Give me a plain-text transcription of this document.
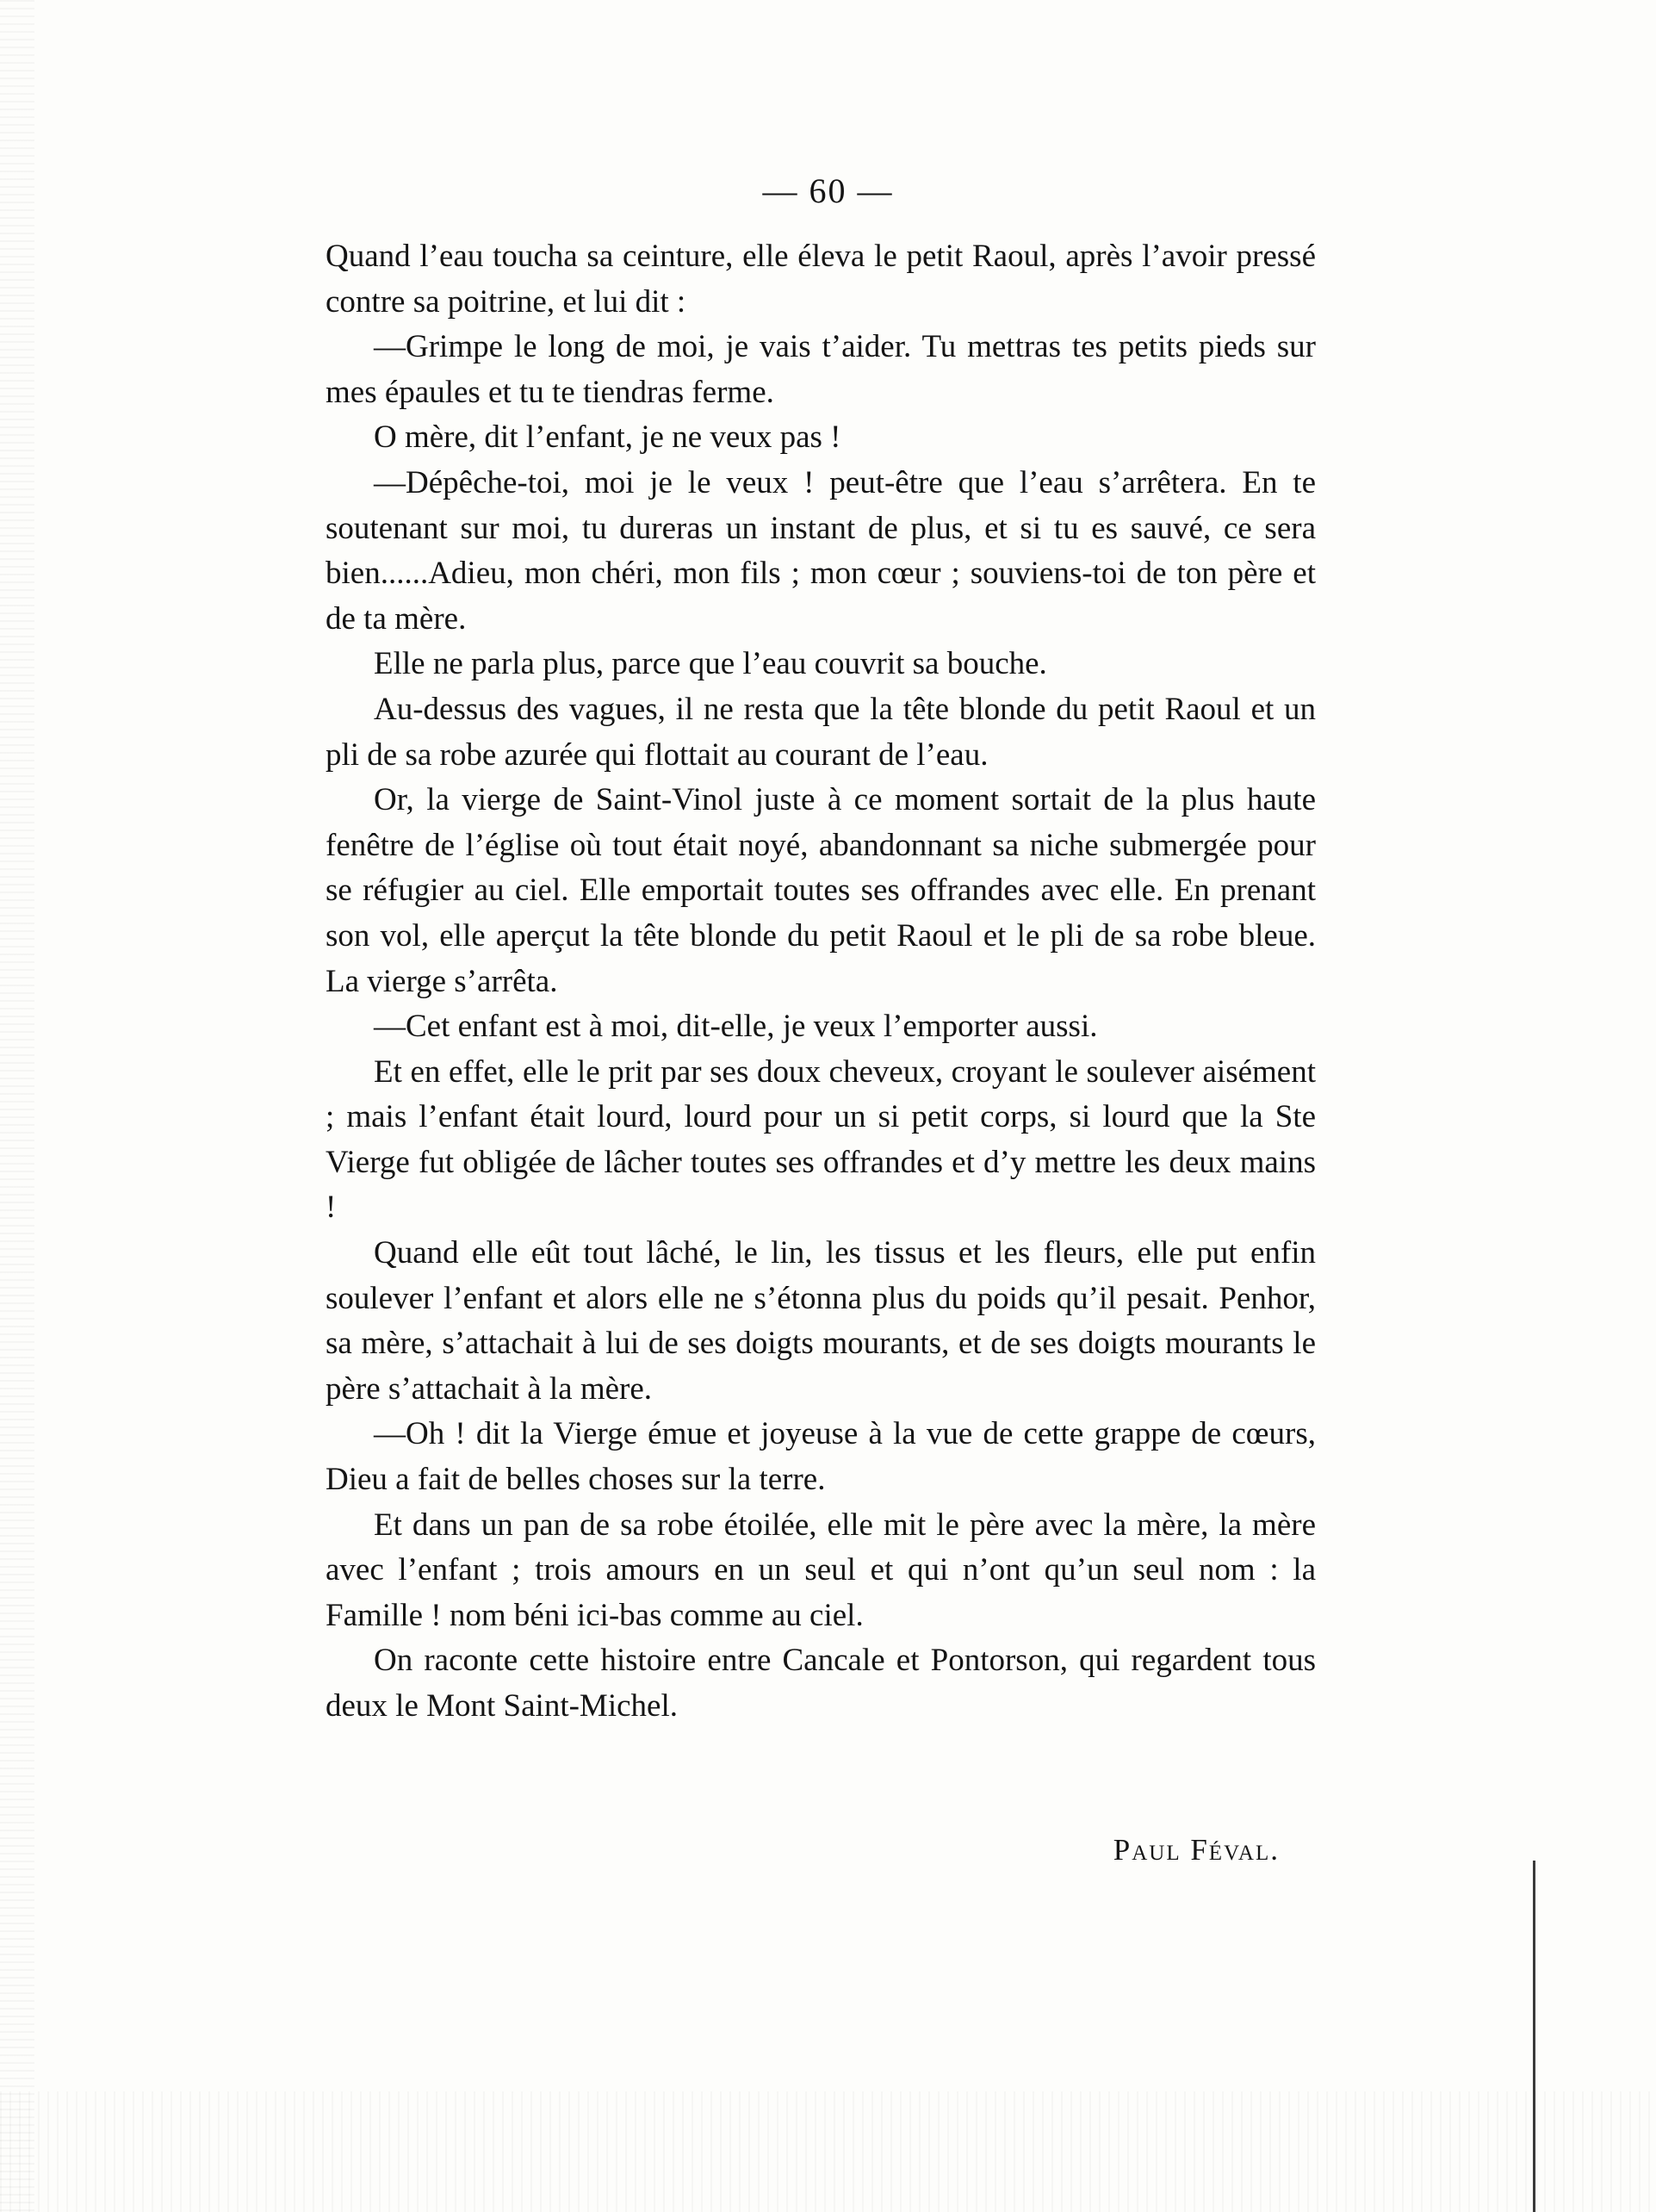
— 60 —

Quand l’eau toucha sa ceinture, elle éleva le petit Raoul, après l’avoir pressé contre sa poitrine, et lui dit :

—Grimpe le long de moi, je vais t’aider. Tu mettras tes petits pieds sur mes épaules et tu te tiendras ferme.

O mère, dit l’enfant, je ne veux pas !

—Dépêche-toi, moi je le veux ! peut-être que l’eau s’arrêtera. En te soutenant sur moi, tu dureras un instant de plus, et si tu es sauvé, ce sera bien......Adieu, mon chéri, mon fils ; mon cœur ; souviens-toi de ton père et de ta mère.

Elle ne parla plus, parce que l’eau couvrit sa bouche.

Au-dessus des vagues, il ne resta que la tête blonde du petit Raoul et un pli de sa robe azurée qui flottait au courant de l’eau.

Or, la vierge de Saint-Vinol juste à ce moment sortait de la plus haute fenêtre de l’église où tout était noyé, abandonnant sa niche submergée pour se réfugier au ciel. Elle emportait toutes ses offrandes avec elle. En prenant son vol, elle aperçut la tête blonde du petit Raoul et le pli de sa robe bleue. La vierge s’arrêta.

—Cet enfant est à moi, dit-elle, je veux l’emporter aussi.

Et en effet, elle le prit par ses doux cheveux, croyant le soulever aisément ; mais l’enfant était lourd, lourd pour un si petit corps, si lourd que la Ste Vierge fut obligée de lâcher toutes ses offrandes et d’y mettre les deux mains !

Quand elle eût tout lâché, le lin, les tissus et les fleurs, elle put enfin soulever l’enfant et alors elle ne s’étonna plus du poids qu’il pesait. Penhor, sa mère, s’attachait à lui de ses doigts mourants, et de ses doigts mourants le père s’attachait à la mère.

—Oh ! dit la Vierge émue et joyeuse à la vue de cette grappe de cœurs, Dieu a fait de belles choses sur la terre.

Et dans un pan de sa robe étoilée, elle mit le père avec la mère, la mère avec l’enfant ; trois amours en un seul et qui n’ont qu’un seul nom : la Famille ! nom béni ici-bas comme au ciel.

On raconte cette histoire entre Cancale et Pontorson, qui regardent tous deux le Mont Saint-Michel.

Paul Féval.
